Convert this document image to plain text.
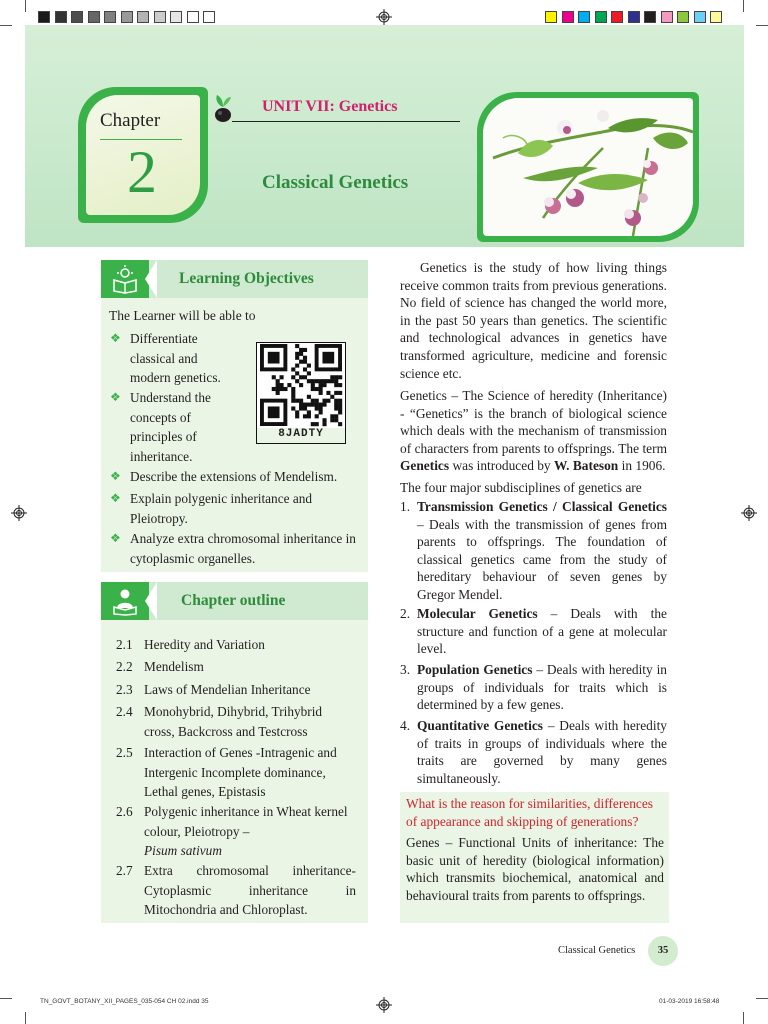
Chapter
2
UNIT VII: Genetics
Classical Genetics
Learning Objectives
The Learner will be able to
❖ Differentiate classical and modern genetics.
❖ Understand the concepts of principles of inheritance.
❖ Describe the extensions of Mendelism.
❖ Explain polygenic inheritance and Pleiotropy.
❖ Analyze extra chromosomal inheritance in cytoplasmic organelles.
8JADTY
Chapter outline
2.1 Heredity and Variation
2.2 Mendelism
2.3 Laws of Mendelian Inheritance
2.4 Monohybrid, Dihybrid, Trihybrid cross, Backcross and Testcross
2.5 Interaction of Genes -Intragenic and Intergenic Incomplete dominance, Lethal genes, Epistasis
2.6 Polygenic inheritance in Wheat kernel colour, Pleiotropy –
Pisum sativum
2.7 Extra chromosomal inheritance-Cytoplasmic inheritance in Mitochondria and Chloroplast.
Genetics is the study of how living things receive common traits from previous generations. No field of science has changed the world more, in the past 50 years than genetics. The scientific and technological advances in genetics have transformed agriculture, medicine and forensic science etc.
Genetics – The Science of heredity (Inheritance) - “Genetics” is the branch of biological science which deals with the mechanism of transmission of characters from parents to offsprings. The term Genetics was introduced by W. Bateson in 1906.
The four major subdisciplines of genetics are
1. Transmission Genetics / Classical Genetics – Deals with the transmission of genes from parents to offsprings. The foundation of classical genetics came from the study of hereditary behaviour of seven genes by Gregor Mendel.
2. Molecular Genetics – Deals with the structure and function of a gene at molecular level.
3. Population Genetics – Deals with heredity in groups of individuals for traits which is determined by a few genes.
4. Quantitative Genetics – Deals with heredity of traits in groups of individuals where the traits are governed by many genes simultaneously.
What is the reason for similarities, differences of appearance and skipping of generations?
Genes – Functional Units of inheritance: The basic unit of heredity (biological information) which transmits biochemical, anatomical and behavioural traits from parents to offsprings.
Classical Genetics	35
TN_GOVT_BOTANY_XII_PAGES_035-054 CH 02.indd 35	01-03-2019 16:58:48
